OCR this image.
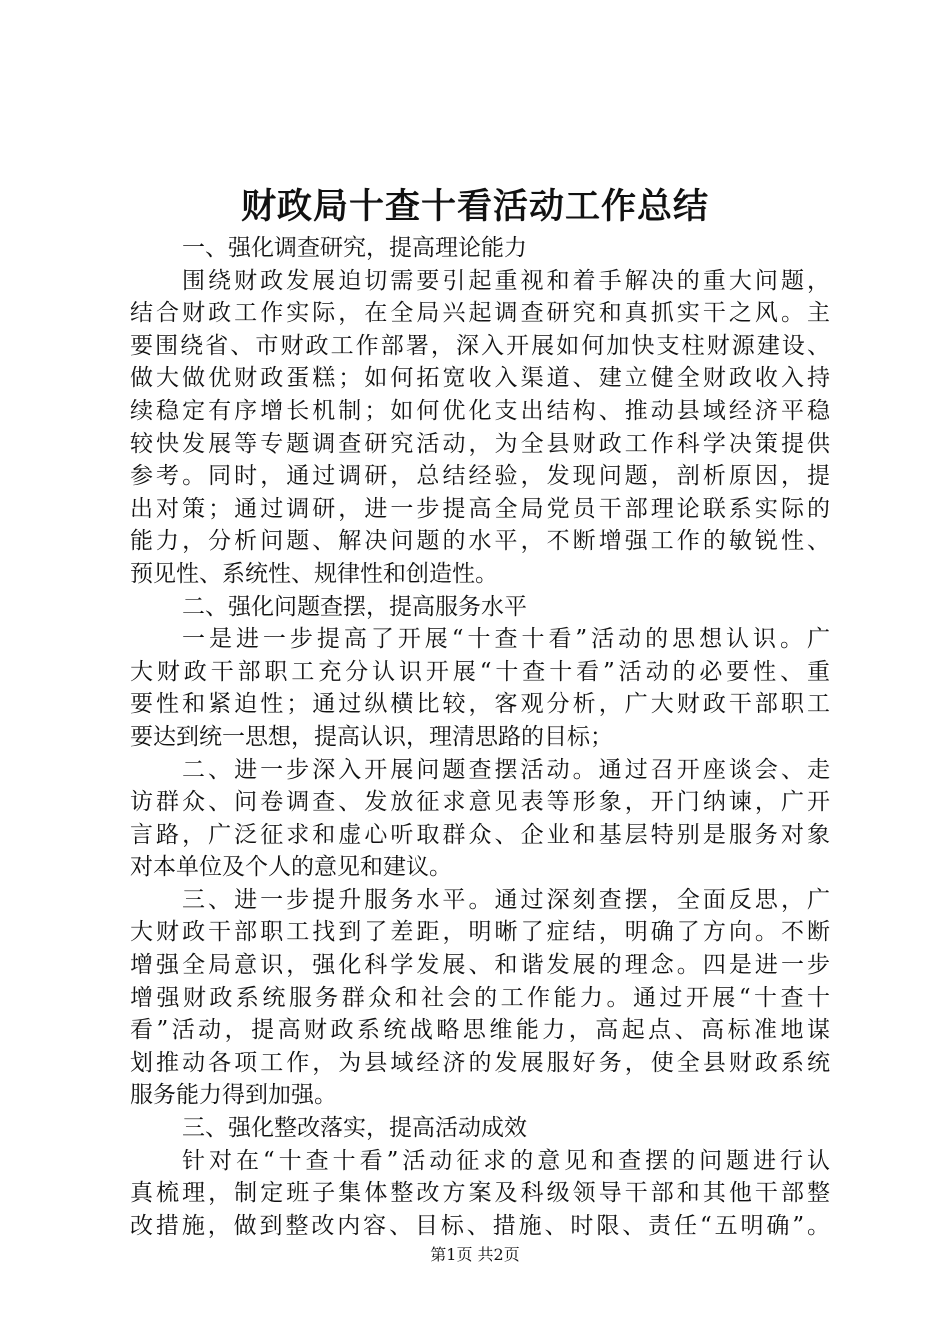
财政局十查十看活动工作总结
一、强化调查研究，提高理论能力
围绕财政发展迫切需要引起重视和着手解决的重大问题，
结合财政工作实际，在全局兴起调查研究和真抓实干之风。主
要围绕省、市财政工作部署，深入开展如何加快支柱财源建设、
做大做优财政蛋糕；如何拓宽收入渠道、建立健全财政收入持
续稳定有序增长机制；如何优化支出结构、推动县域经济平稳
较快发展等专题调查研究活动，为全县财政工作科学决策提供
参考。同时，通过调研，总结经验，发现问题，剖析原因，提
出对策；通过调研，进一步提高全局党员干部理论联系实际的
能力，分析问题、解决问题的水平，不断增强工作的敏锐性、
预见性、系统性、规律性和创造性。
二、强化问题查摆，提高服务水平
一是进一步提高了开展“十查十看”活动的思想认识。广
大财政干部职工充分认识开展“十查十看”活动的必要性、重
要性和紧迫性；通过纵横比较，客观分析，广大财政干部职工
要达到统一思想，提高认识，理清思路的目标；
二、进一步深入开展问题查摆活动。通过召开座谈会、走
访群众、问卷调查、发放征求意见表等形象，开门纳谏，广开
言路，广泛征求和虚心听取群众、企业和基层特别是服务对象
对本单位及个人的意见和建议。
三、进一步提升服务水平。通过深刻查摆，全面反思，广
大财政干部职工找到了差距，明晰了症结，明确了方向。不断
增强全局意识，强化科学发展、和谐发展的理念。四是进一步
增强财政系统服务群众和社会的工作能力。通过开展“十查十
看”活动，提高财政系统战略思维能力，高起点、高标准地谋
划推动各项工作，为县域经济的发展服好务，使全县财政系统
服务能力得到加强。
三、强化整改落实，提高活动成效
针对在“十查十看”活动征求的意见和查摆的问题进行认
真梳理，制定班子集体整改方案及科级领导干部和其他干部整
改措施，做到整改内容、目标、措施、时限、责任“五明确”。
第1页 共2页
